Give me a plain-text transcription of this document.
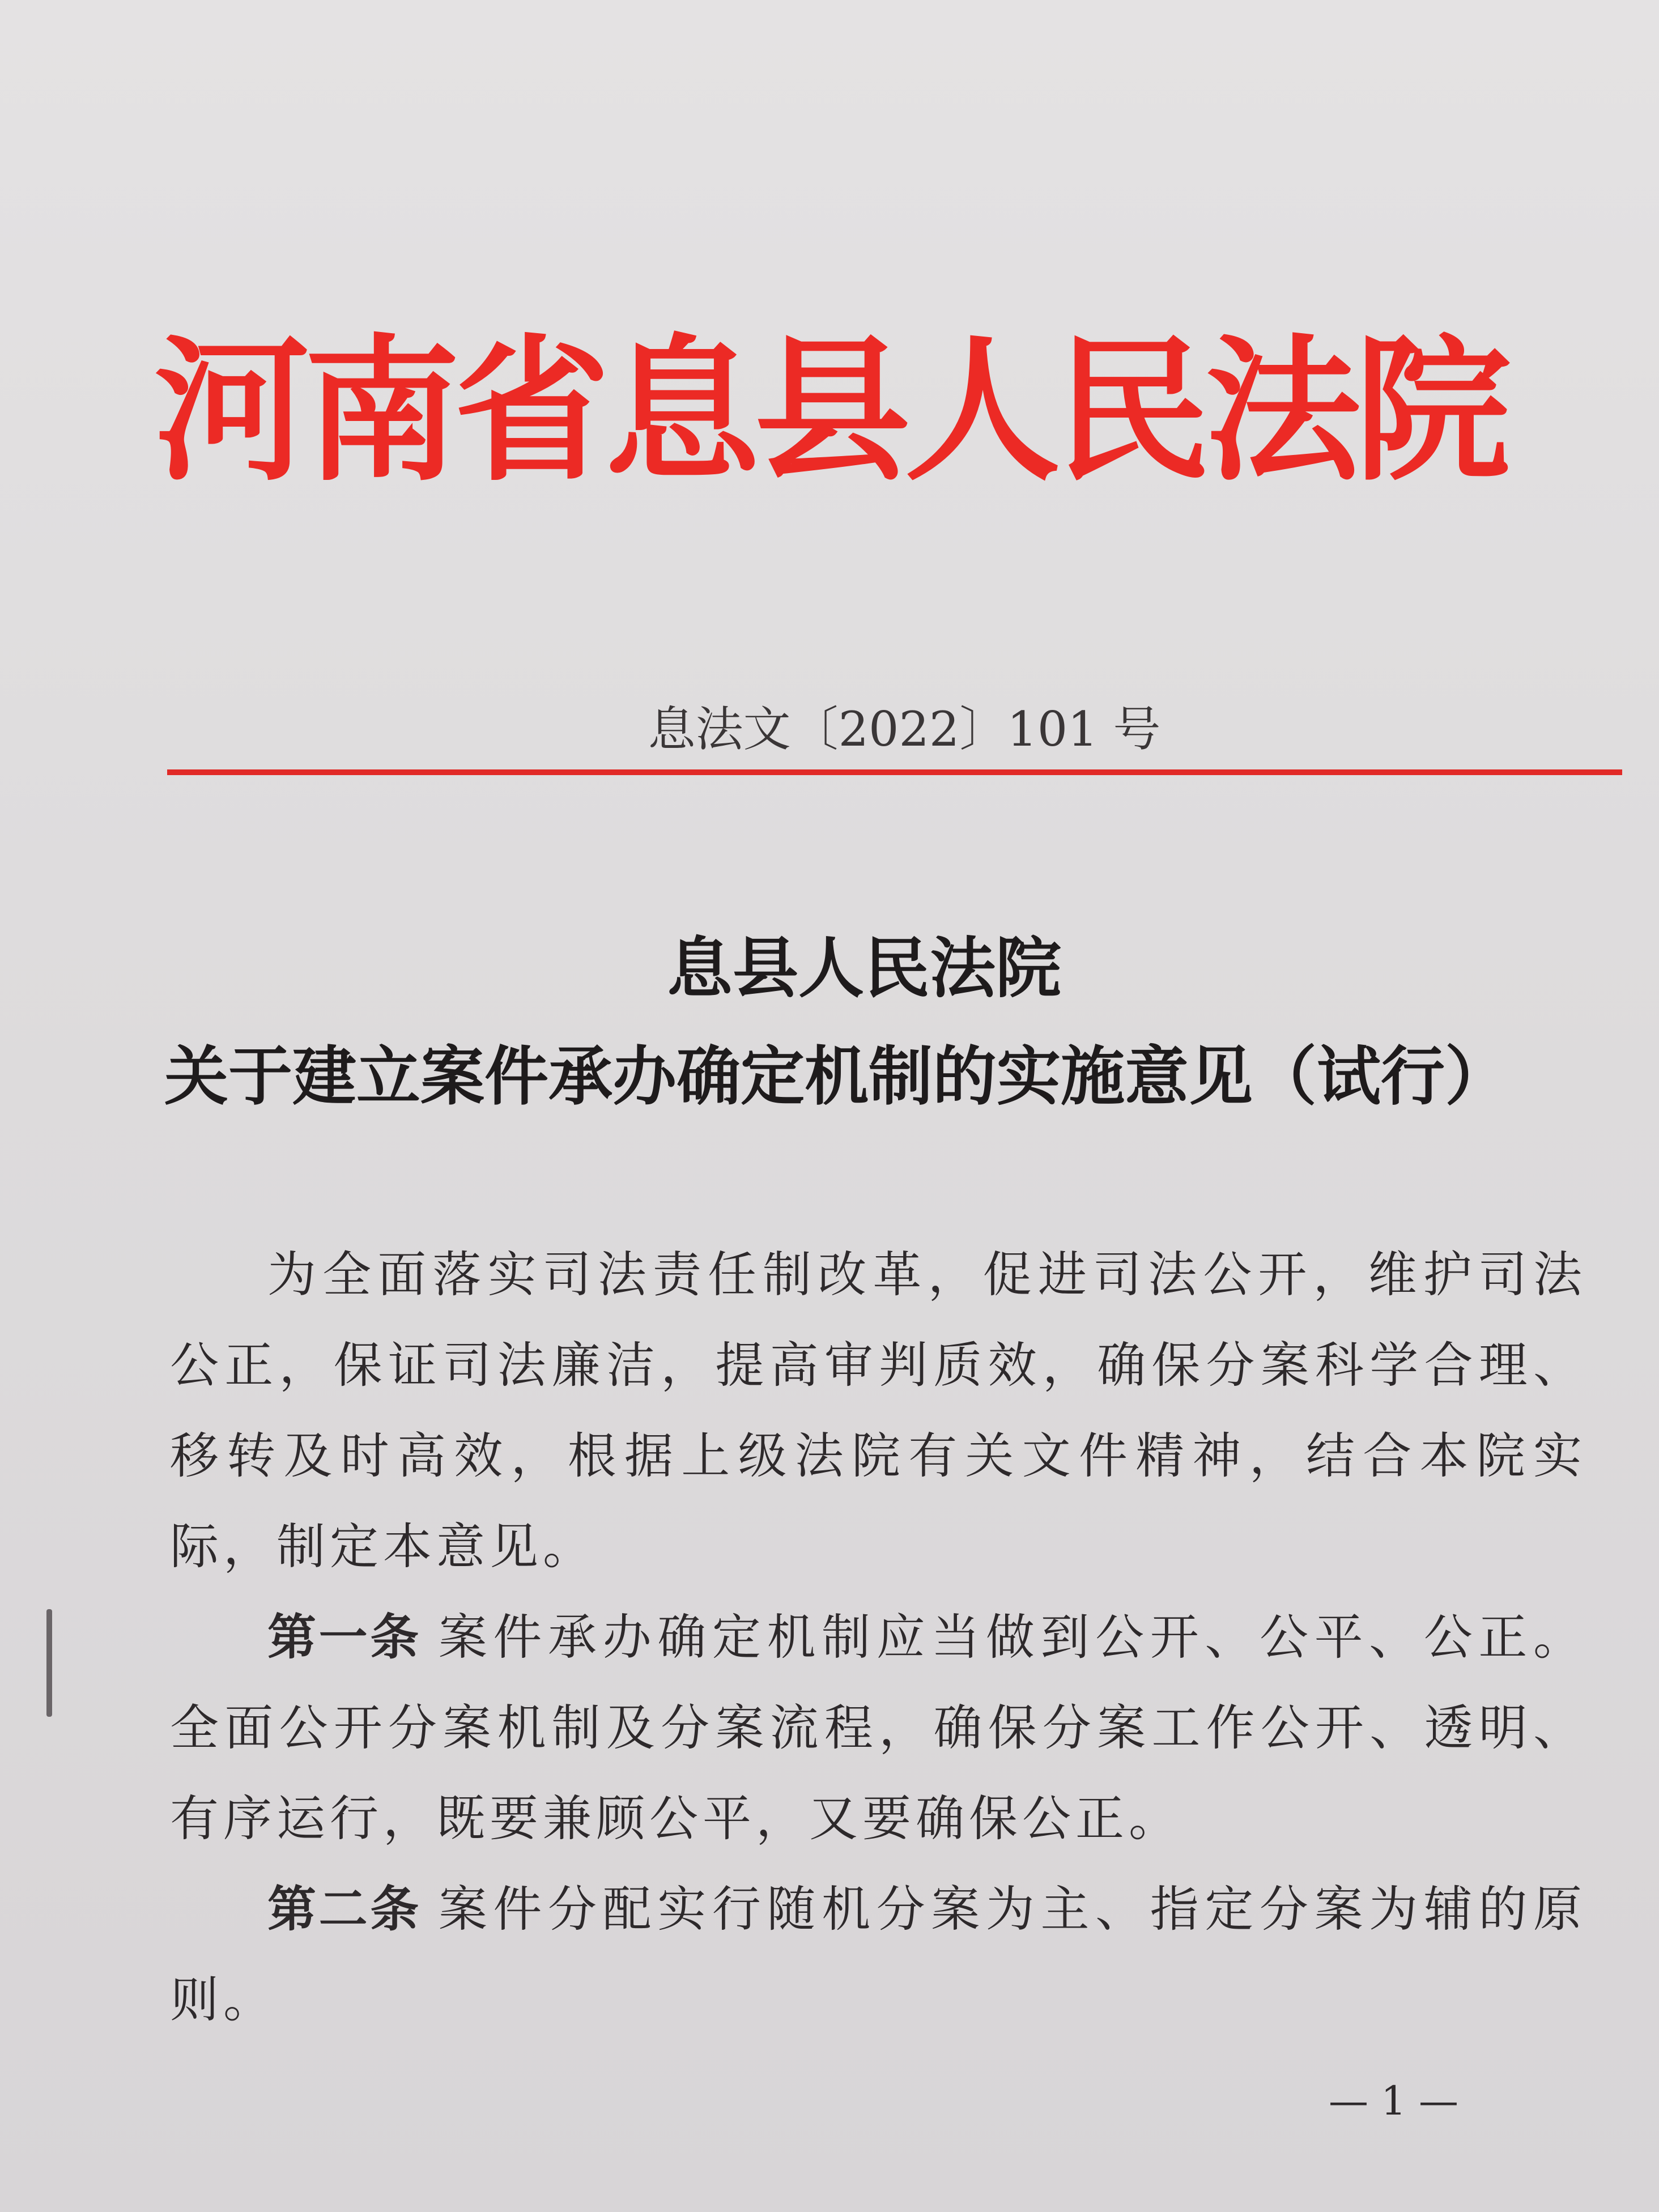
河南省息县人民法院
息法文〔2022〕101 号
息县人民法院
关于建立案件承办确定机制的实施意见（试行）

为全面落实司法责任制改革，促进司法公开，维护司法公正，保证司法廉洁，提高审判质效，确保分案科学合理、移转及时高效，根据上级法院有关文件精神，结合本院实际，制定本意见。

第一条 案件承办确定机制应当做到公开、公平、公正。全面公开分案机制及分案流程，确保分案工作公开、透明、有序运行，既要兼顾公平，又要确保公正。

第二条 案件分配实行随机分案为主、指定分案为辅的原则。

— 1 —
